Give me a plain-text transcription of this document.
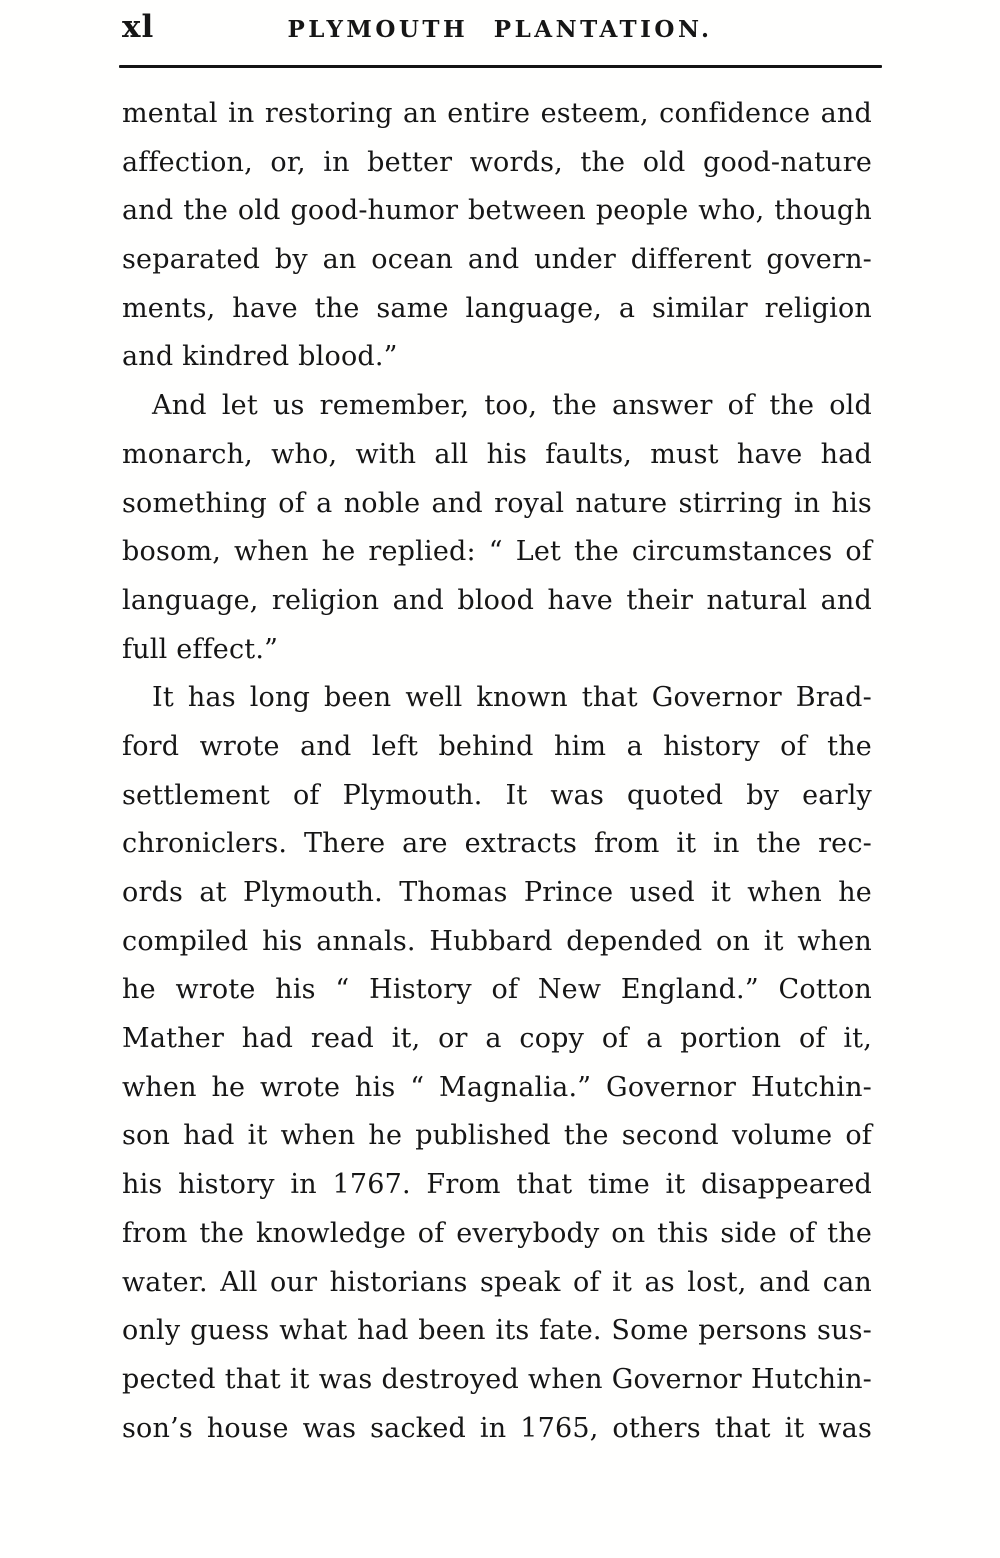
xl	PLYMOUTH PLANTATION.

mental in restoring an entire esteem, confidence and
affection, or, in better words, the old good-nature
and the old good-humor between people who, though
separated by an ocean and under different govern-
ments, have the same language, a similar religion
and kindred blood.”

And let us remember, too, the answer of the old
monarch, who, with all his faults, must have had
something of a noble and royal nature stirring in his
bosom, when he replied: “ Let the circumstances of
language, religion and blood have their natural and
full effect.”

It has long been well known that Governor Brad-
ford wrote and left behind him a history of the
settlement of Plymouth. It was quoted by early
chroniclers. There are extracts from it in the rec-
ords at Plymouth. Thomas Prince used it when he
compiled his annals. Hubbard depended on it when
he wrote his “ History of New England.” Cotton
Mather had read it, or a copy of a portion of it,
when he wrote his “ Magnalia.” Governor Hutchin-
son had it when he published the second volume of
his history in 1767. From that time it disappeared
from the knowledge of everybody on this side of the
water. All our historians speak of it as lost, and can
only guess what had been its fate. Some persons sus-
pected that it was destroyed when Governor Hutchin-
son’s house was sacked in 1765, others that it was
